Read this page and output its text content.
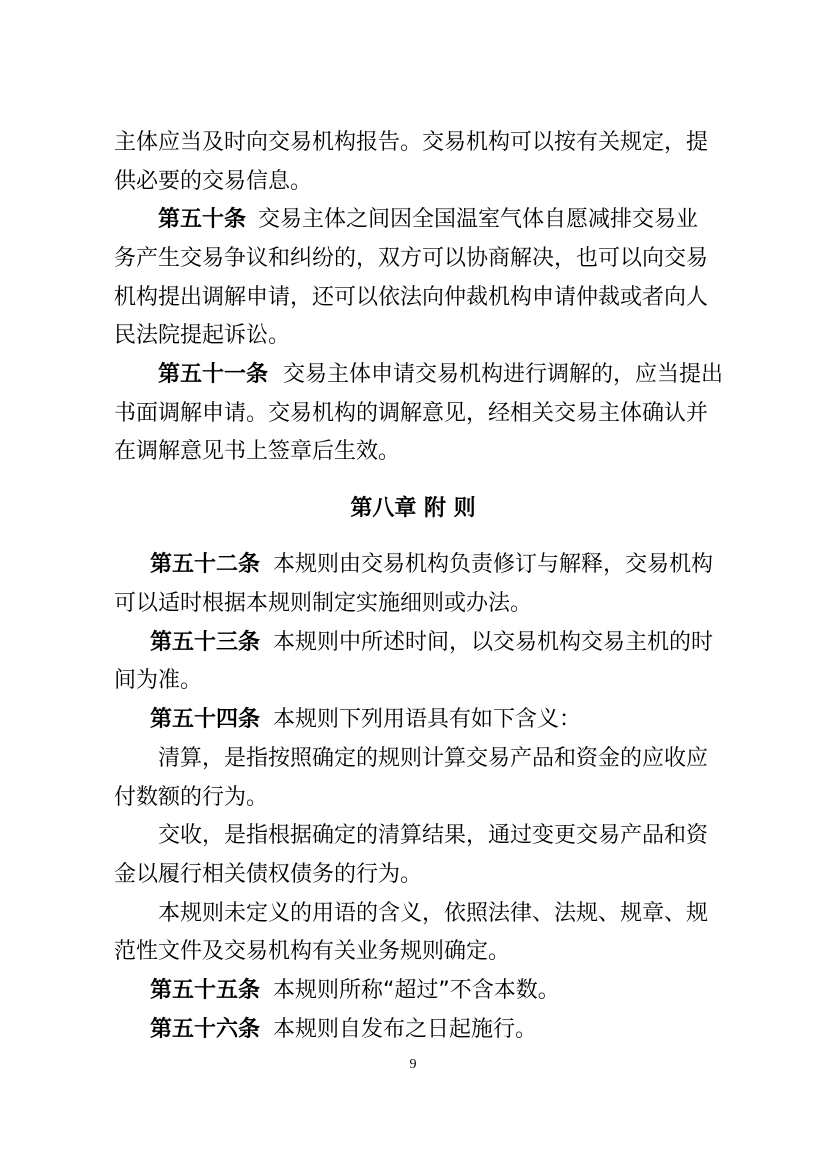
主体应当及时向交易机构报告。交易机构可以按有关规定，提
供必要的交易信息。
第五十条 交易主体之间因全国温室气体自愿减排交易业
务产生交易争议和纠纷的，双方可以协商解决，也可以向交易
机构提出调解申请，还可以依法向仲裁机构申请仲裁或者向人
民法院提起诉讼。
第五十一条 交易主体申请交易机构进行调解的，应当提出
书面调解申请。交易机构的调解意见，经相关交易主体确认并
在调解意见书上签章后生效。
第八章 附 则
第五十二条 本规则由交易机构负责修订与解释，交易机构
可以适时根据本规则制定实施细则或办法。
第五十三条 本规则中所述时间，以交易机构交易主机的时
间为准。
第五十四条 本规则下列用语具有如下含义：
清算，是指按照确定的规则计算交易产品和资金的应收应
付数额的行为。
交收，是指根据确定的清算结果，通过变更交易产品和资
金以履行相关债权债务的行为。
本规则未定义的用语的含义，依照法律、法规、规章、规
范性文件及交易机构有关业务规则确定。
第五十五条 本规则所称“超过”不含本数。
第五十六条 本规则自发布之日起施行。
9
